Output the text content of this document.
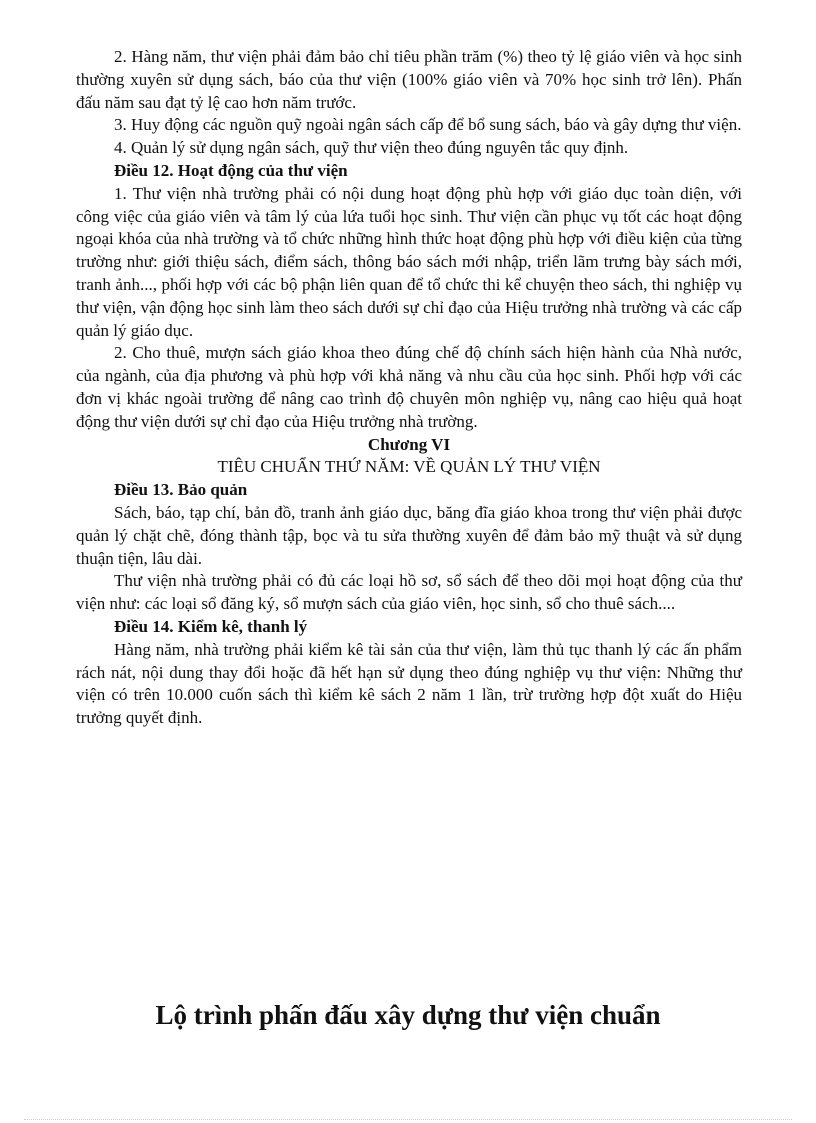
2. Hàng năm, thư viện phải đảm bảo chỉ tiêu phần trăm (%) theo tỷ lệ giáo viên và học sinh thường xuyên sử dụng sách, báo của thư viện (100% giáo viên và 70% học sinh trở lên). Phấn đấu năm sau đạt tỷ lệ cao hơn năm trước.

3. Huy động các nguồn quỹ ngoài ngân sách cấp để bổ sung sách, báo và gây dựng thư viện.

4. Quản lý sử dụng ngân sách, quỹ thư viện theo đúng nguyên tắc quy định.

Điều 12. Hoạt động của thư viện

1. Thư viện nhà trường phải có nội dung hoạt động phù hợp với giáo dục toàn diện, với công việc của giáo viên và tâm lý của lứa tuổi học sinh. Thư viện cần phục vụ tốt các hoạt động ngoại khóa của nhà trường và tổ chức những hình thức hoạt động phù hợp với điều kiện của từng trường như: giới thiệu sách, điểm sách, thông báo sách mới nhập, triển lãm trưng bày sách mới, tranh ảnh..., phối hợp với các bộ phận liên quan để tổ chức thi kể chuyện theo sách, thi nghiệp vụ thư viện, vận động học sinh làm theo sách dưới sự chỉ đạo của Hiệu trưởng nhà trường và các cấp quản lý giáo dục.

2. Cho thuê, mượn sách giáo khoa theo đúng chế độ chính sách hiện hành của Nhà nước, của ngành, của địa phương và phù hợp với khả năng và nhu cầu của học sinh. Phối hợp với các đơn vị khác ngoài trường để nâng cao trình độ chuyên môn nghiệp vụ, nâng cao hiệu quả hoạt động thư viện dưới sự chỉ đạo của Hiệu trưởng nhà trường.

Chương VI

TIÊU CHUẨN THỨ NĂM: VỀ QUẢN LÝ THƯ VIỆN

Điều 13. Bảo quản

Sách, báo, tạp chí, bản đồ, tranh ảnh giáo dục, băng đĩa giáo khoa trong thư viện phải được quản lý chặt chẽ, đóng thành tập, bọc và tu sửa thường xuyên để đảm bảo mỹ thuật và sử dụng thuận tiện, lâu dài.

Thư viện nhà trường phải có đủ các loại hồ sơ, sổ sách để theo dõi mọi hoạt động của thư viện như: các loại sổ đăng ký, sổ mượn sách của giáo viên, học sinh, sổ cho thuê sách....

Điều 14. Kiểm kê, thanh lý

Hàng năm, nhà trường phải kiểm kê tài sản của thư viện, làm thủ tục thanh lý các ấn phẩm rách nát, nội dung thay đổi hoặc đã hết hạn sử dụng theo đúng nghiệp vụ thư viện: Những thư viện có trên 10.000 cuốn sách thì kiểm kê sách 2 năm 1 lần, trừ trường hợp đột xuất do Hiệu trưởng quyết định.

Lộ trình phấn đấu xây dựng thư viện chuẩn
